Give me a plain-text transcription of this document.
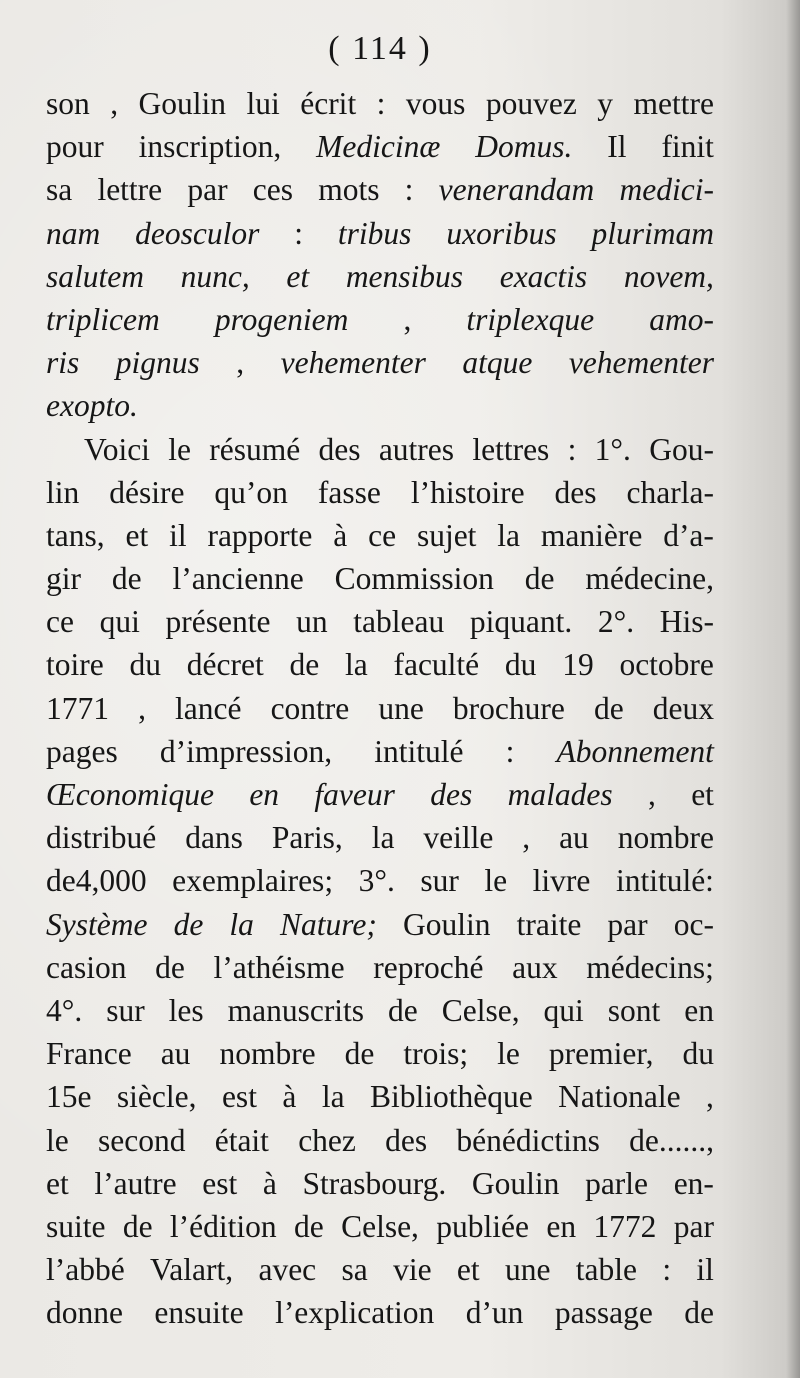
( 114 )
son , Goulin lui écrit : vous pouvez y mettre
pour inscription, Medicinæ Domus. Il finit
sa lettre par ces mots : venerandam medici-
nam deosculor : tribus uxoribus plurimam
salutem nunc, et mensibus exactis novem,
triplicem progeniem , triplexque amo-
ris pignus , vehementer atque vehementer
exopto.
Voici le résumé des autres lettres : 1°. Gou-
lin désire qu’on fasse l’histoire des charla-
tans, et il rapporte à ce sujet la manière d’a-
gir de l’ancienne Commission de médecine,
ce qui présente un tableau piquant. 2°. His-
toire du décret de la faculté du 19 octobre
1771 , lancé contre une brochure de deux
pages d’impression, intitulé : Abonnement
Œconomique en faveur des malades , et
distribué dans Paris, la veille , au nombre
de4,000 exemplaires; 3°. sur le livre intitulé:
Système de la Nature; Goulin traite par oc-
casion de l’athéisme reproché aux médecins;
4°. sur les manuscrits de Celse, qui sont en
France au nombre de trois; le premier, du
15e siècle, est à la Bibliothèque Nationale ,
le second était chez des bénédictins de......,
et l’autre est à Strasbourg. Goulin parle en-
suite de l’édition de Celse, publiée en 1772 par
l’abbé Valart, avec sa vie et une table : il
donne ensuite l’explication d’un passage de
